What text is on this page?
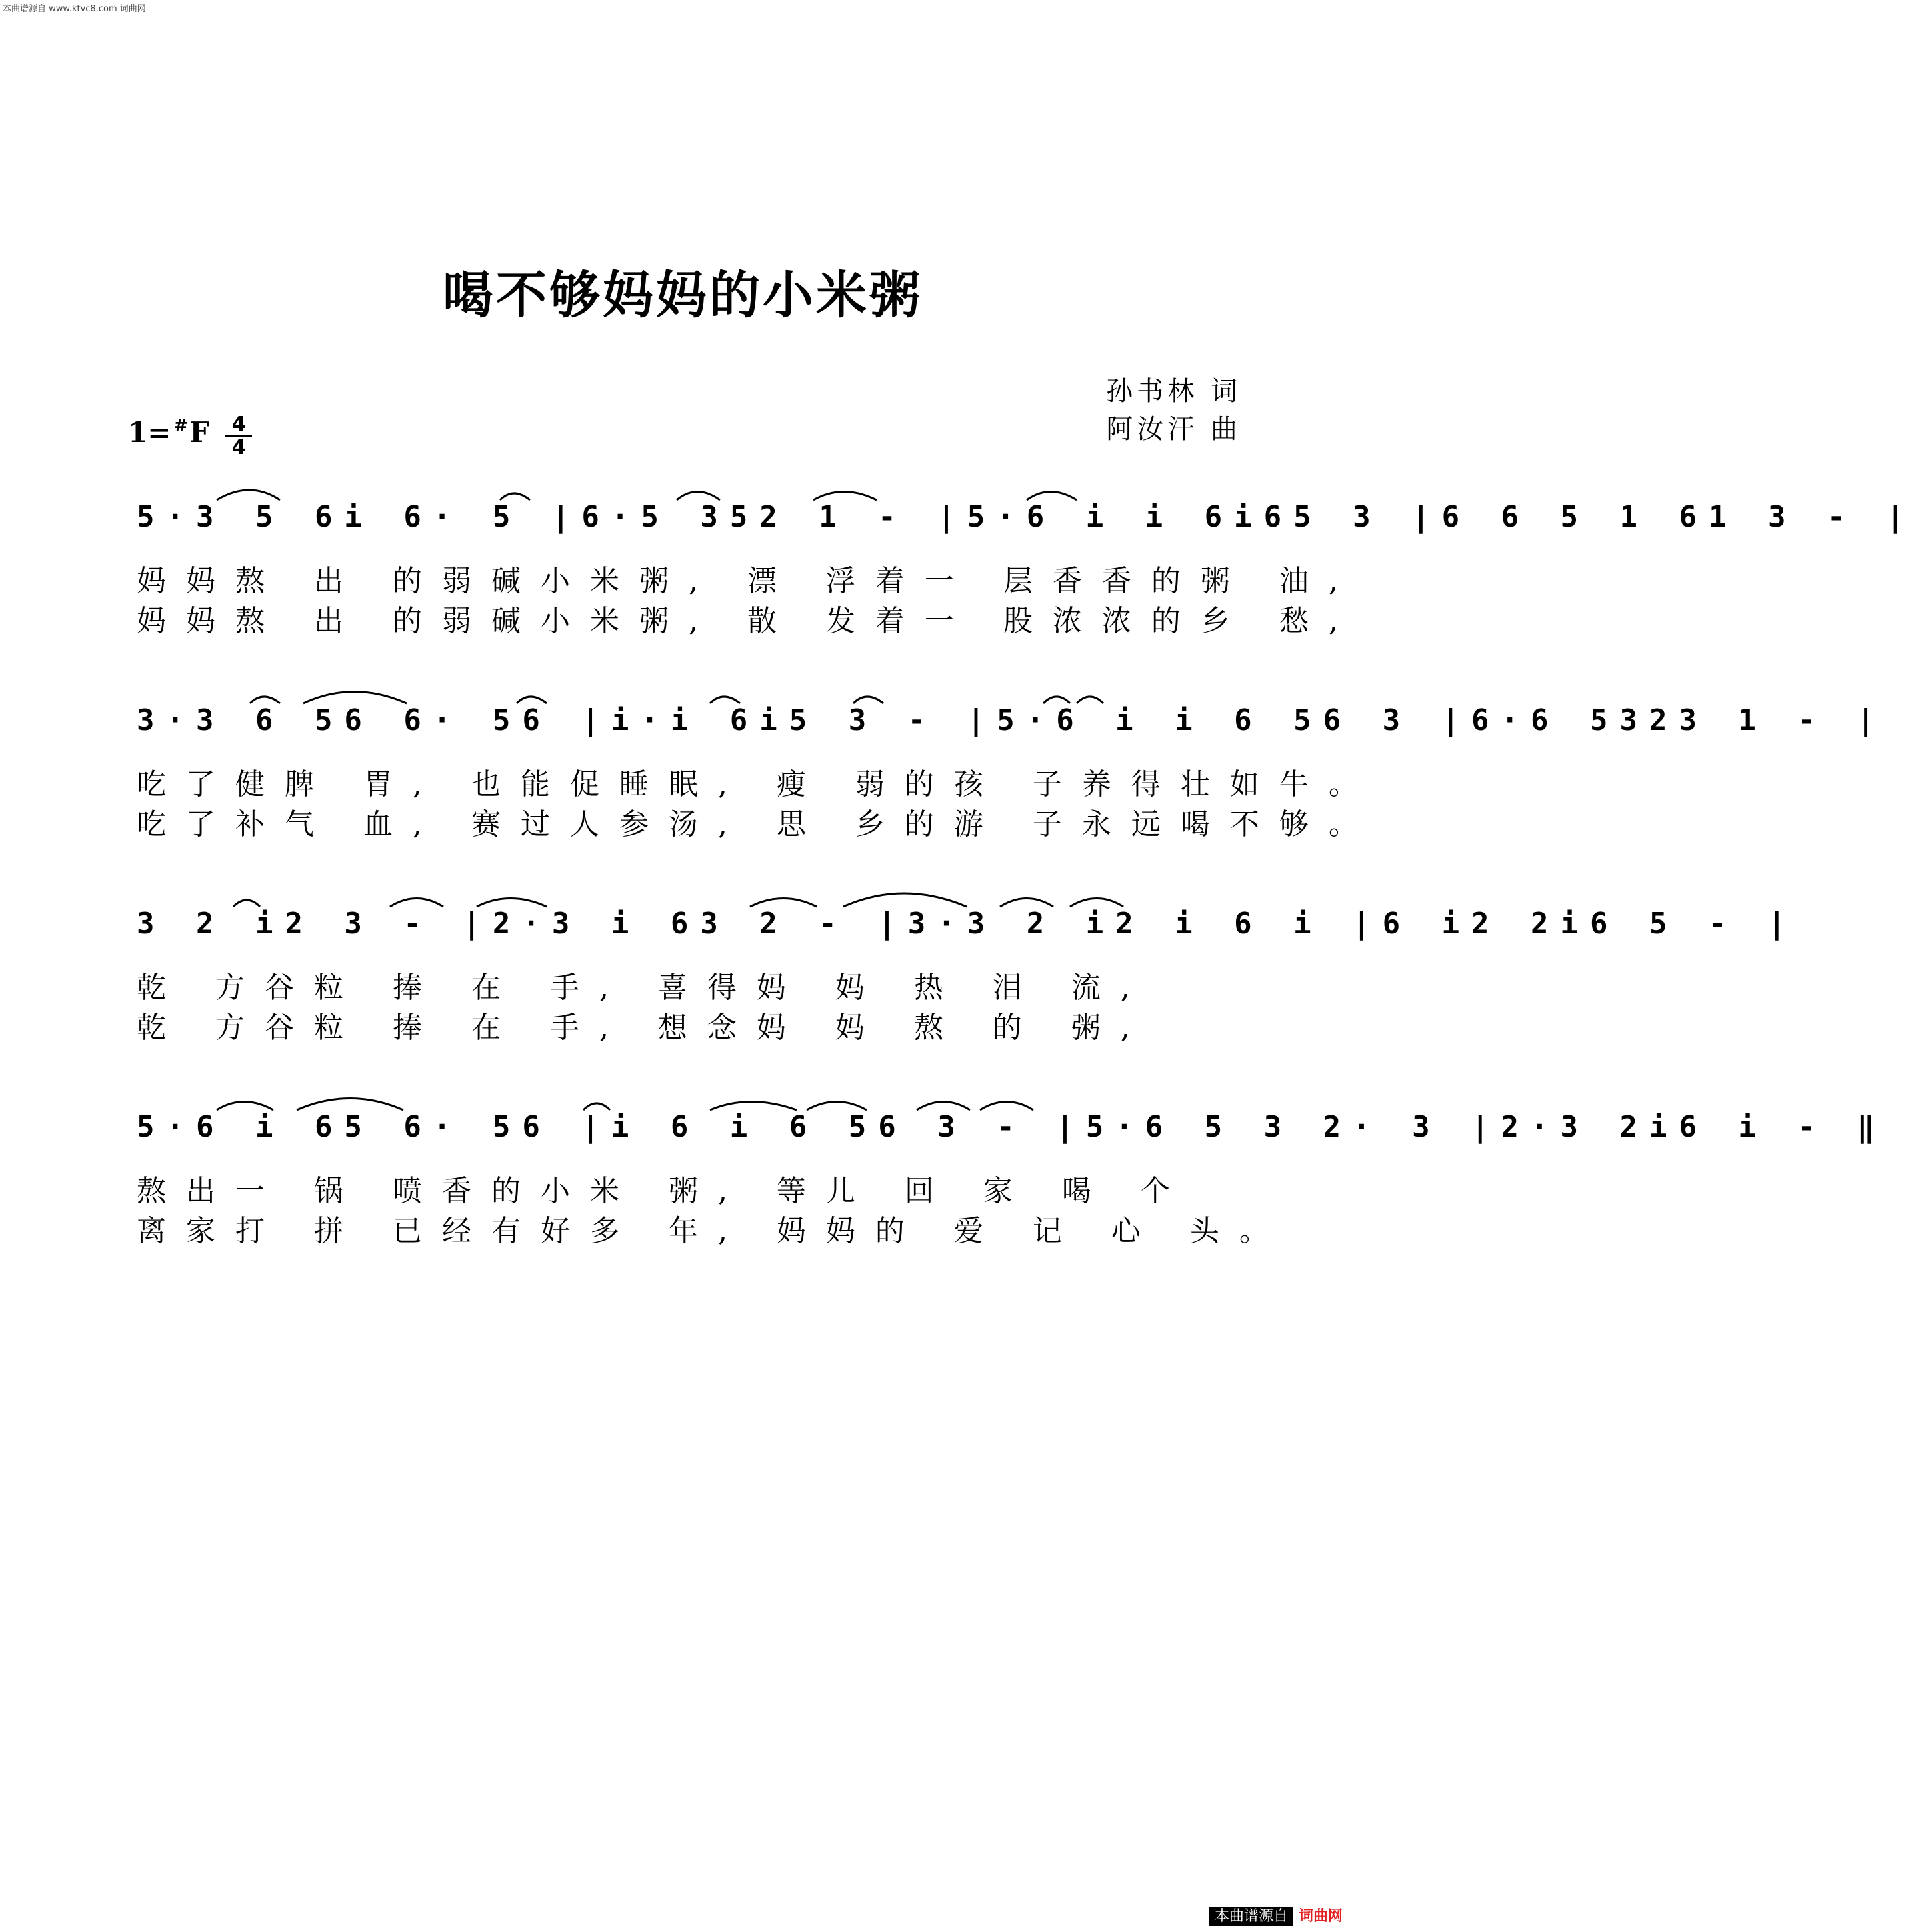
本曲谱源自 www.ktvc8.com 词曲网
喝不够妈妈的小米粥
孙书林 词
阿汝汗 曲
$1= ^{\#}F \frac{4}{4}$
5·3 5 6i 6· 5 |6·5 352 1 - |5·6 i i 6i65 3 |6 6 5 1 61 3 - |
妈妈熬 出 的弱碱小米粥, 漂 浮着一 层香香的粥 油,
妈妈熬 出 的弱碱小米粥, 散 发着一 股浓浓的乡 愁,
3·3 6 56 6· 56 |i·i 6i5 3 - |5·6 i i 6 56 3 |6·6 5323 1 - |
吃了健脾 胃, 也能促睡眠, 瘦 弱的孩 子养得壮如牛。
吃了补气 血, 赛过人参汤, 思 乡的游 子永远喝不够。
3 2 i2 3 - |2·3 i 63 2 - |3·3 2 i2 i 6 i |6 i2 2i6 5 - |
乾 方谷粒 捧 在 手, 喜得妈 妈 热 泪 流,
乾 方谷粒 捧 在 手, 想念妈 妈 熬 的 粥,
5·6 i 65 6· 56 |i 6 i 6 56 3 - |5·6 5 3 2· 3 |2·3 2i6 i - ‖
熬出一 锅 喷香的小米 粥, 等儿 回 家 喝 个
离家打 拼 已经有好多 年, 妈妈的 爱 记 心 头。
本曲谱源自 词曲网
